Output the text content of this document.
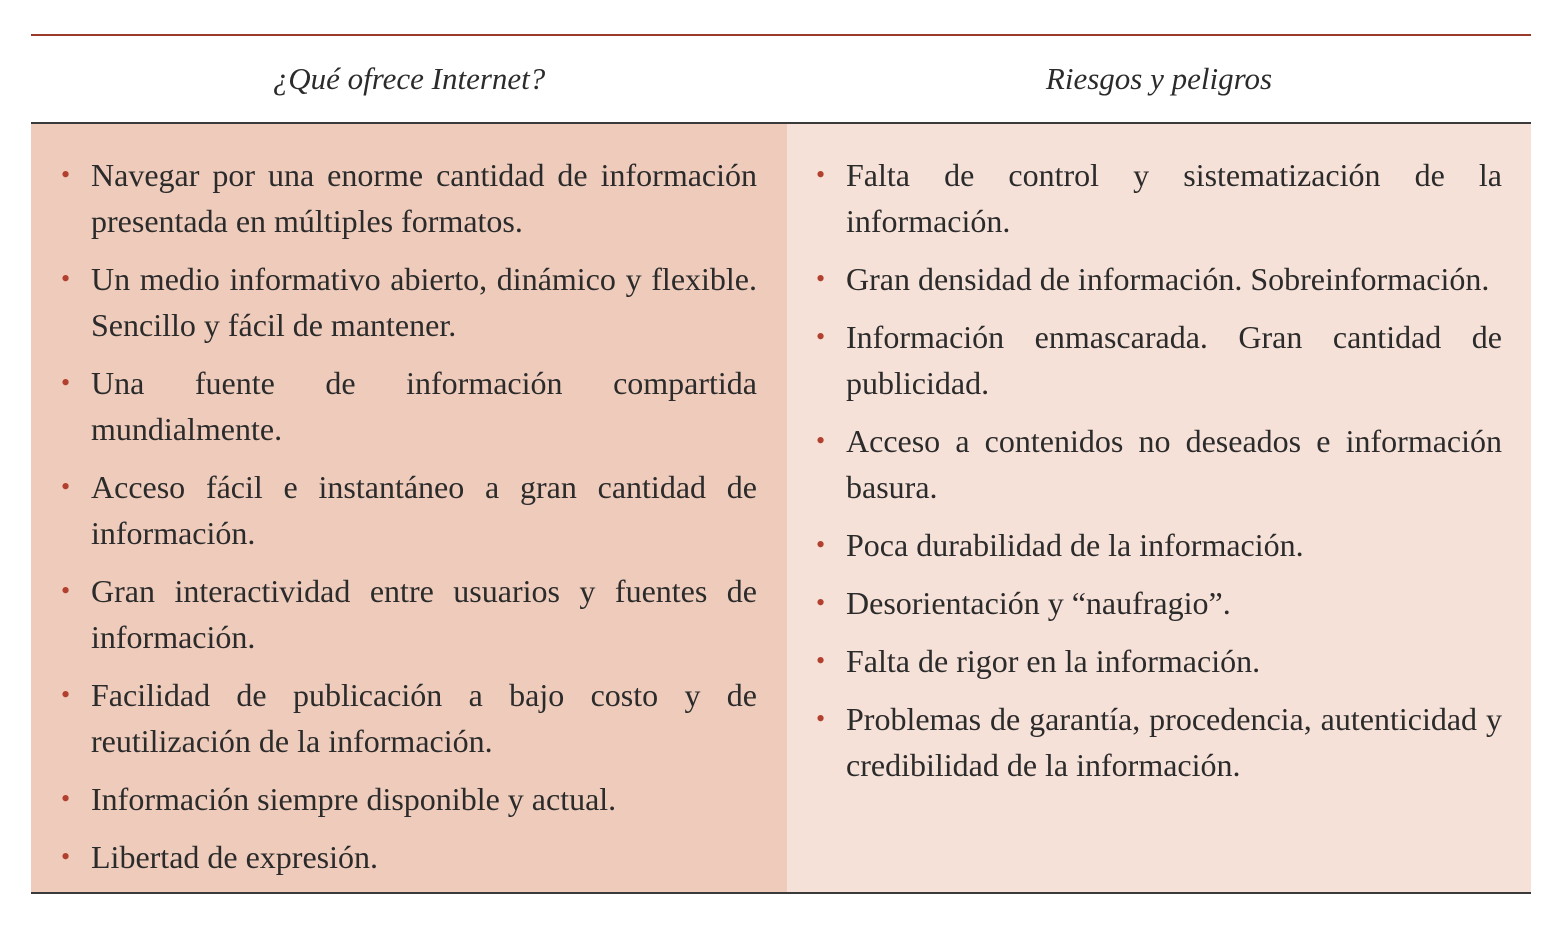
¿Qué ofrece Internet?	Riesgos y peligros
• Navegar por una enorme cantidad de información presentada en múltiples formatos.
• Un medio informativo abierto, dinámico y flexible. Sencillo y fácil de mantener.
• Una fuente de información compartida mundialmente.
• Acceso fácil e instantáneo a gran cantidad de información.
• Gran interactividad entre usuarios y fuentes de información.
• Facilidad de publicación a bajo costo y de reutilización de la información.
• Información siempre disponible y actual.
• Libertad de expresión.
• Falta de control y sistematización de la información.
• Gran densidad de información. Sobreinformación.
• Información enmascarada. Gran cantidad de publicidad.
• Acceso a contenidos no deseados e información basura.
• Poca durabilidad de la información.
• Desorientación y “naufragio”.
• Falta de rigor en la información.
• Problemas de garantía, procedencia, autenticidad y credibilidad de la información.
